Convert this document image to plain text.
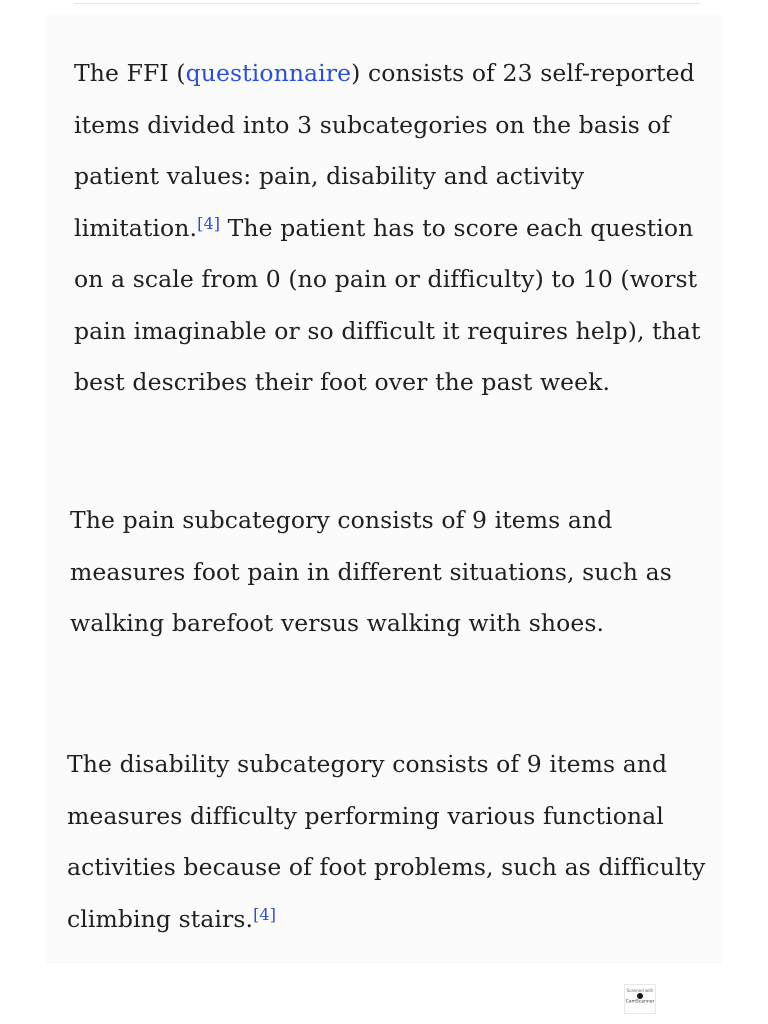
The FFI (questionnaire) consists of 23 self-reported items divided into 3 subcategories on the basis of patient values: pain, disability and activity limitation.[4] The patient has to score each question on a scale from 0 (no pain or difficulty) to 10 (worst pain imaginable or so difficult it requires help), that best describes their foot over the past week.

The pain subcategory consists of 9 items and measures foot pain in different situations, such as walking barefoot versus walking with shoes.

The disability subcategory consists of 9 items and measures difficulty performing various functional activities because of foot problems, such as difficulty climbing stairs.[4]

Scanned with
CamScanner
